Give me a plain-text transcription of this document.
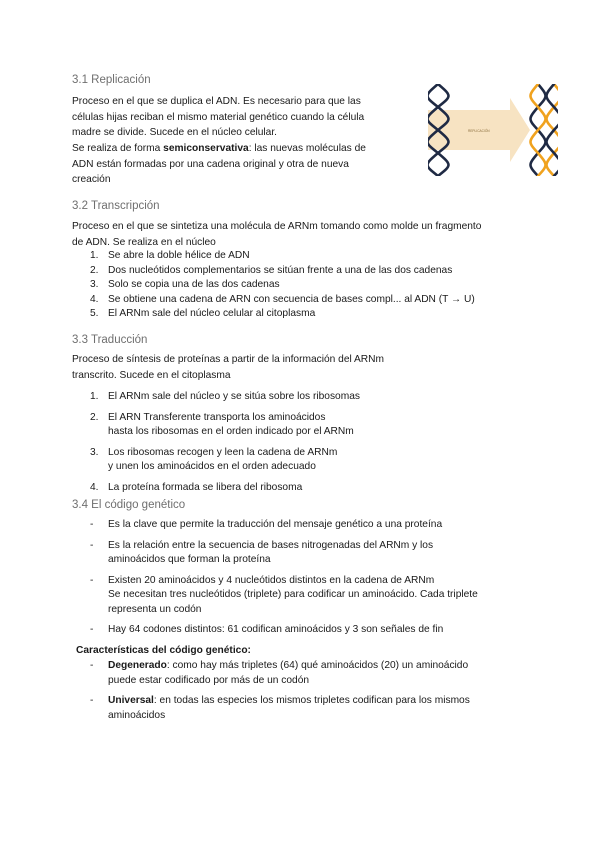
3.1 Replicación

Proceso en el que se duplica el ADN. Es necesario para que las
células hijas reciban el mismo material genético cuando la célula
madre se divide. Sucede en el núcleo celular.

Se realiza de forma semiconservativa: las nuevas moléculas de
ADN están formadas por una cadena original y otra de nueva
creación

REPLICACIÓN
3.2 Transcripción

Proceso en el que se sintetiza una molécula de ARNm tomando como molde un fragmento
de ADN. Se realiza en el núcleo

1. Se abre la doble hélice de ADN
2. Dos nucleótidos complementarios se sitúan frente a una de las dos cadenas
3. Solo se copia una de las dos cadenas
4. Se obtiene una cadena de ARN con secuencia de bases compl... al ADN (T → U)
5. El ARNm sale del núcleo celular al citoplasma
3.3 Traducción

Proceso de síntesis de proteínas a partir de la información del ARNm
transcrito. Sucede en el citoplasma

1. El ARNm sale del núcleo y se sitúa sobre los ribosomas
2. El ARN Transferente transporta los aminoácidos
hasta los ribosomas en el orden indicado por el ARNm
3. Los ribosomas recogen y leen la cadena de ARNm
y unen los aminoácidos en el orden adecuado
4. La proteína formada se libera del ribosoma
3.4 El código genético
- Es la clave que permite la traducción del mensaje genético a una proteína
- Es la relación entre la secuencia de bases nitrogenadas del ARNm y los
aminoácidos que forman la proteína
- Existen 20 aminoácidos y 4 nucleótidos distintos en la cadena de ARNm
Se necesitan tres nucleótidos (triplete) para codificar un aminoácido. Cada triplete
representa un codón
- Hay 64 codones distintos: 61 codifican aminoácidos y 3 son señales de fin

Características del código genético:

- Degenerado: como hay más tripletes (64) qué aminoácidos (20) un aminoácido
puede estar codificado por más de un codón
- Universal: en todas las especies los mismos tripletes codifican para los mismos
aminoácidos
